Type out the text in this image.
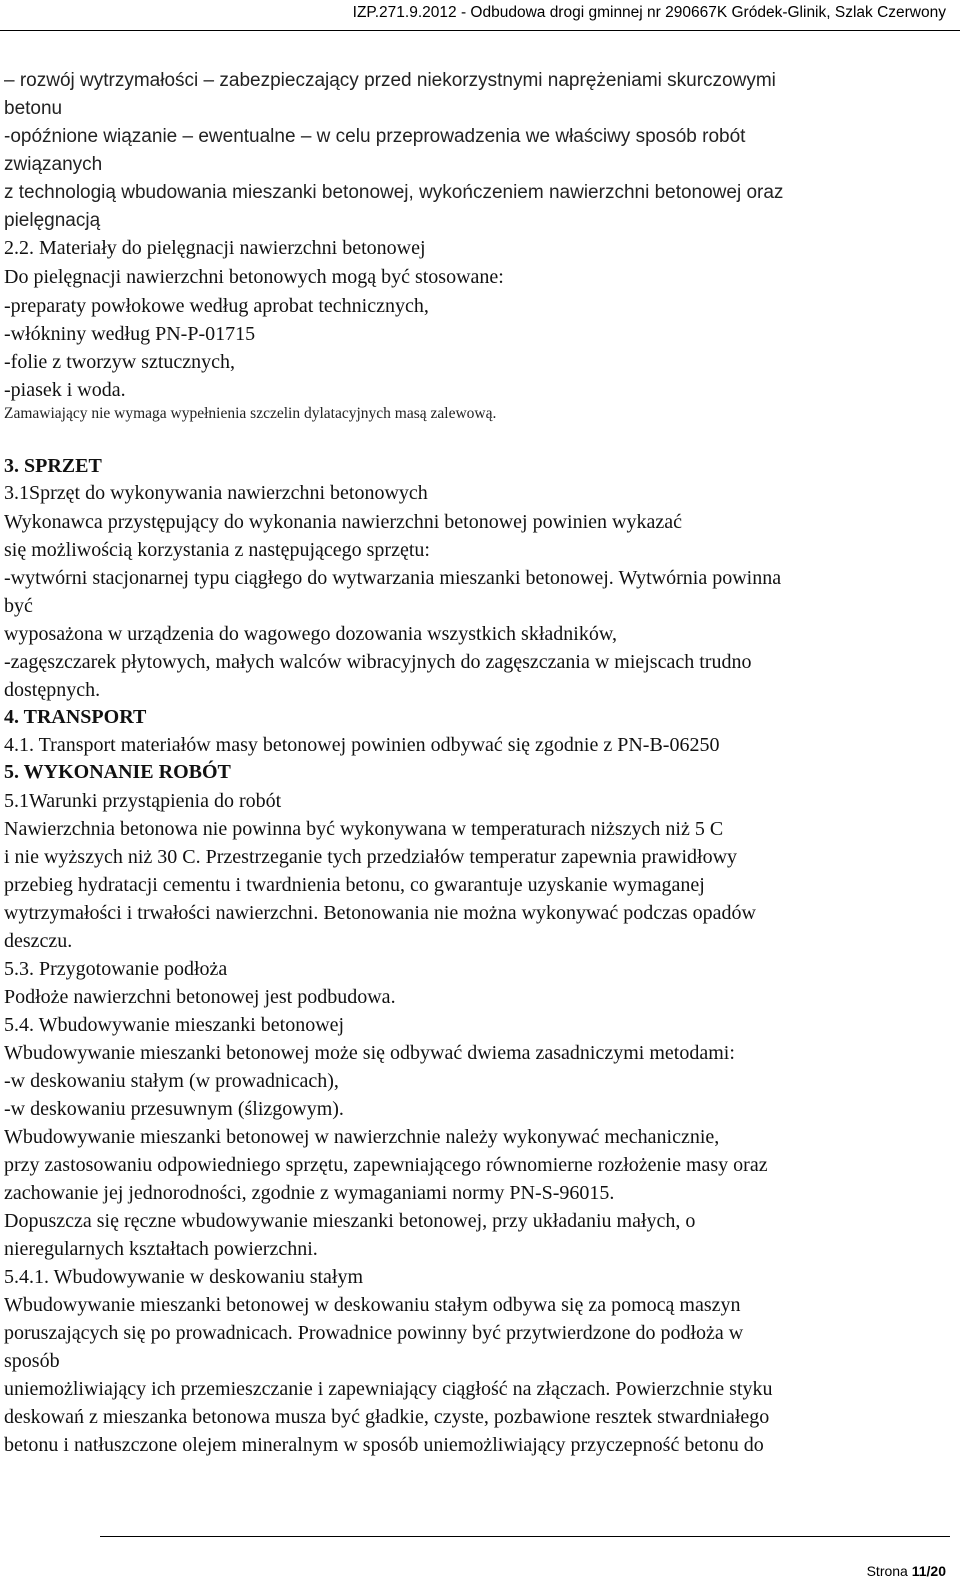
IZP.271.9.2012 - Odbudowa drogi gminnej nr 290667K Gródek-Glinik, Szlak Czerwony
– rozwój wytrzymałości – zabezpieczający przed niekorzystnymi naprężeniami skurczowymi
betonu
-opóźnione wiązanie – ewentualne – w celu przeprowadzenia we właściwy sposób robót
związanych
z technologią wbudowania mieszanki betonowej, wykończeniem nawierzchni betonowej oraz
pielęgnacją
2.2. Materiały do pielęgnacji nawierzchni betonowej
Do pielęgnacji nawierzchni betonowych mogą być stosowane:
-preparaty powłokowe według aprobat technicznych,
-włókniny według PN-P-01715
-folie z tworzyw sztucznych,
-piasek i woda.
Zamawiający nie wymaga wypełnienia szczelin dylatacyjnych masą zalewową.
3. SPRZET
3.1Sprzęt do wykonywania nawierzchni betonowych
Wykonawca przystępujący do wykonania nawierzchni betonowej powinien wykazać
się możliwością korzystania z następującego sprzętu:
-wytwórni stacjonarnej typu ciągłego do wytwarzania mieszanki betonowej. Wytwórnia powinna
być
wyposażona w urządzenia do wagowego dozowania wszystkich składników,
-zagęszczarek płytowych, małych walców wibracyjnych do zagęszczania w miejscach trudno
dostępnych.
4. TRANSPORT
4.1. Transport materiałów masy betonowej powinien odbywać się zgodnie z PN-B-06250
5. WYKONANIE ROBÓT
5.1Warunki przystąpienia do robót
Nawierzchnia betonowa nie powinna być wykonywana w temperaturach niższych niż 5 C
i nie wyższych niż 30 C. Przestrzeganie tych przedziałów temperatur zapewnia prawidłowy
przebieg hydratacji cementu i twardnienia betonu, co gwarantuje uzyskanie wymaganej
wytrzymałości i trwałości nawierzchni. Betonowania nie można wykonywać podczas opadów
deszczu.
5.3. Przygotowanie podłoża
Podłoże nawierzchni betonowej jest podbudowa.
5.4. Wbudowywanie mieszanki betonowej
Wbudowywanie mieszanki betonowej może się odbywać dwiema zasadniczymi metodami:
-w deskowaniu stałym (w prowadnicach),
-w deskowaniu przesuwnym (ślizgowym).
Wbudowywanie mieszanki betonowej w nawierzchnie należy wykonywać mechanicznie,
przy zastosowaniu odpowiedniego sprzętu, zapewniającego równomierne rozłożenie masy oraz
zachowanie jej jednorodności, zgodnie z wymaganiami normy PN-S-96015.
Dopuszcza się ręczne wbudowywanie mieszanki betonowej, przy układaniu małych, o
nieregularnych kształtach powierzchni.
5.4.1. Wbudowywanie w deskowaniu stałym
Wbudowywanie mieszanki betonowej w deskowaniu stałym odbywa się za pomocą maszyn
poruszających się po prowadnicach. Prowadnice powinny być przytwierdzone do podłoża w
sposób
uniemożliwiający ich przemieszczanie i zapewniający ciągłość na złączach. Powierzchnie styku
deskowań z mieszanka betonowa musza być gładkie, czyste, pozbawione resztek stwardniałego
betonu i natłuszczone olejem mineralnym w sposób uniemożliwiający przyczepność betonu do
Strona 11/20
